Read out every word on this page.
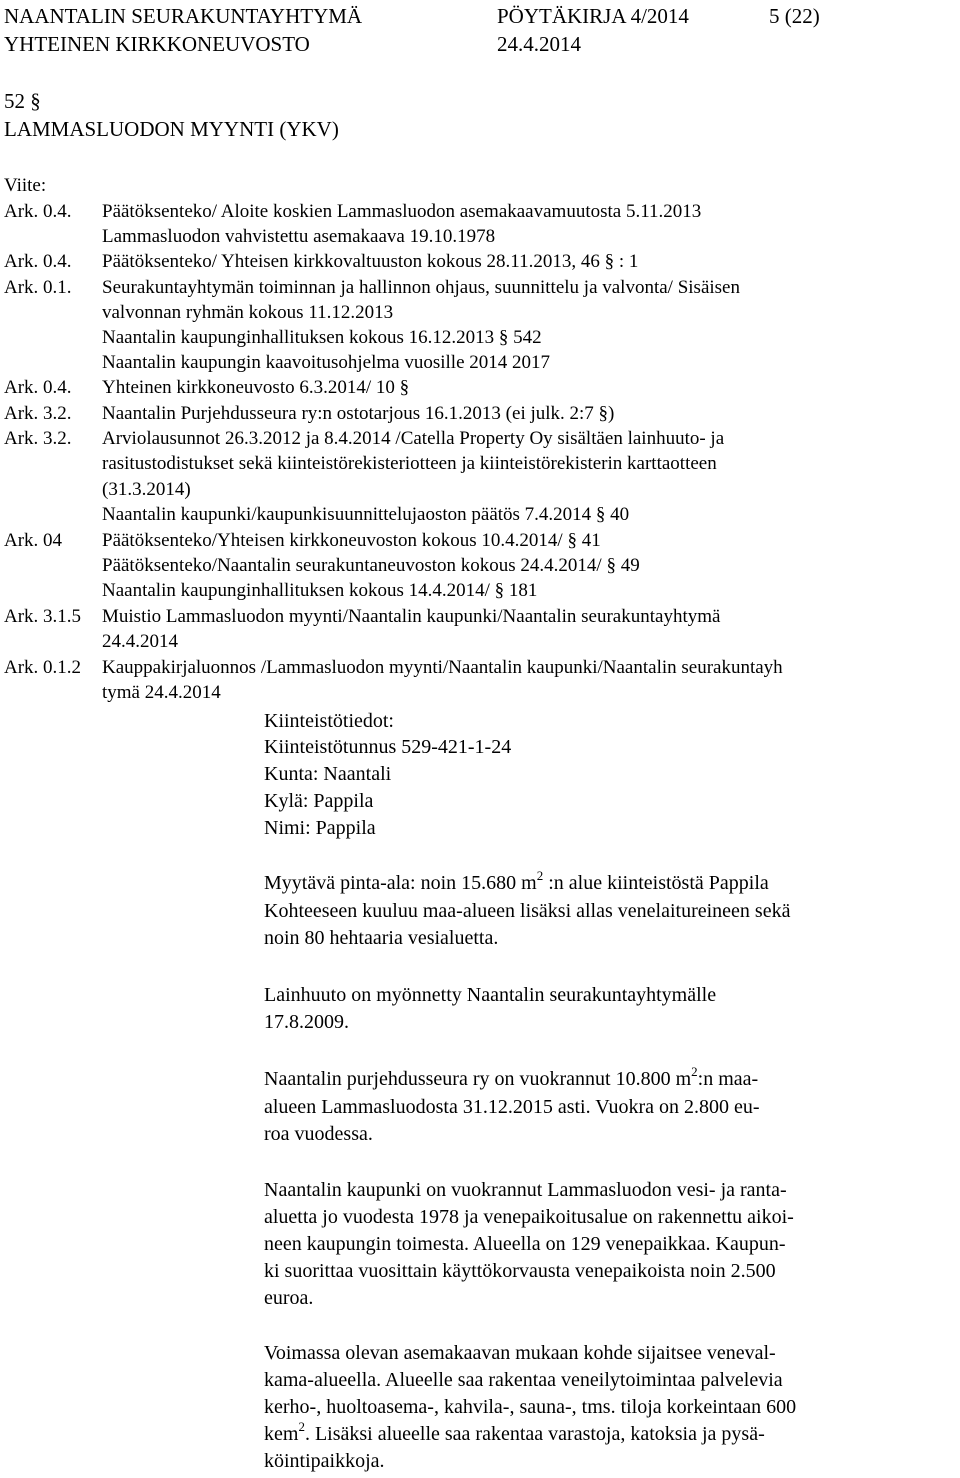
NAANTALIN SEURAKUNTAYHTYMÄ	PÖYTÄKIRJA 4/2014	5 (22)
YHTEINEN KIRKKONEUVOSTO	24.4.2014
52 §
LAMMASLUODON MYYNTI (YKV)
Viite:
Ark. 0.4. Päätöksenteko/ Aloite koskien Lammasluodon asemakaavamuutosta 5.11.2013
Lammasluodon vahvistettu asemakaava 19.10.1978
Ark. 0.4. Päätöksenteko/ Yhteisen kirkkovaltuuston kokous 28.11.2013, 46 § : 1
Ark. 0.1. Seurakuntayhtymän toiminnan ja hallinnon ohjaus, suunnittelu ja valvonta/ Sisäisen
valvonnan ryhmän kokous 11.12.2013
Naantalin kaupunginhallituksen kokous 16.12.2013 § 542
Naantalin kaupungin kaavoitusohjelma vuosille 2014 2017
Ark. 0.4. Yhteinen kirkkoneuvosto 6.3.2014/ 10 §
Ark. 3.2. Naantalin Purjehdusseura ry:n ostotarjous 16.1.2013 (ei julk. 2:7 §)
Ark. 3.2. Arviolausunnot 26.3.2012 ja 8.4.2014 /Catella Property Oy sisältäen lainhuuto- ja
rasitustodistukset sekä kiinteistörekisteriotteen ja kiinteistörekisterin karttaotteen
(31.3.2014)
Naantalin kaupunki/kaupunkisuunnittelujaoston päätös 7.4.2014 § 40
Ark. 04 Päätöksenteko/Yhteisen kirkkoneuvoston kokous 10.4.2014/ § 41
Päätöksenteko/Naantalin seurakuntaneuvoston kokous 24.4.2014/ § 49
Naantalin kaupunginhallituksen kokous 14.4.2014/ § 181
Ark. 3.1.5 Muistio Lammasluodon myynti/Naantalin kaupunki/Naantalin seurakuntayhtymä
24.4.2014
Ark. 0.1.2 Kauppakirjaluonnos /Lammasluodon myynti/Naantalin kaupunki/Naantalin seurakuntayh
tymä 24.4.2014
Kiinteistötiedot:
Kiinteistötunnus 529-421-1-24
Kunta: Naantali
Kylä: Pappila
Nimi: Pappila
Myytävä pinta-ala: noin 15.680 $m^2$ :n alue kiinteistöstä Pappila
Kohteeseen kuuluu maa-alueen lisäksi allas venelaitureineen sekä
noin 80 hehtaaria vesialuetta.
Lainhuuto on myönnetty Naantalin seurakuntayhtymälle
17.8.2009.
Naantalin purjehdusseura ry on vuokrannut 10.800 $m^2:n$ maa-
alueen Lammasluodosta 31.12.2015 asti. Vuokra on 2.800 eu-
roa vuodessa.
Naantalin kaupunki on vuokrannut Lammasluodon vesi- ja ranta-
aluetta jo vuodesta 1978 ja venepaikoitusalue on rakennettu aikoi-
neen kaupungin toimesta. Alueella on 129 venepaikkaa. Kaupun-
ki suorittaa vuosittain käyttökorvausta venepaikoista noin 2.500
euroa.
Voimassa olevan asemakaavan mukaan kohde sijaitsee veneval-
kama-alueella. Alueelle saa rakentaa veneilytoimintaa palvelevia
kerho-, huoltoasema-, kahvila-, sauna-, tms. tiloja korkeintaan 600
kem$^2$. Lisäksi alueelle saa rakentaa varastoja, katoksia ja pysä-
köintipaikkoja.
